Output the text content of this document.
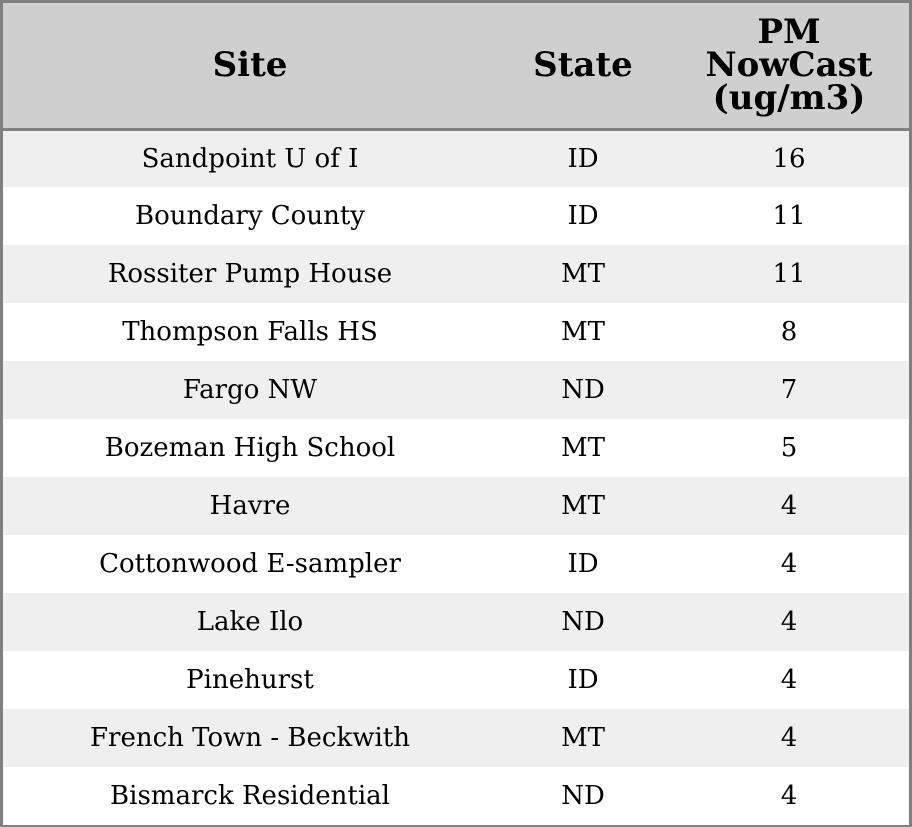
Site	State	PM
NowCast
(ug/m3)

Sandpoint U of I	ID	16
Boundary County	ID	11
Rossiter Pump House	MT	11
Thompson Falls HS	MT	8
Fargo NW	ND	7
Bozeman High School	MT	5
Havre	MT	4
Cottonwood E-sampler	ID	4
Lake Ilo	ND	4
Pinehurst	ID	4
French Town - Beckwith	MT	4
Bismarck Residential	ND	4
